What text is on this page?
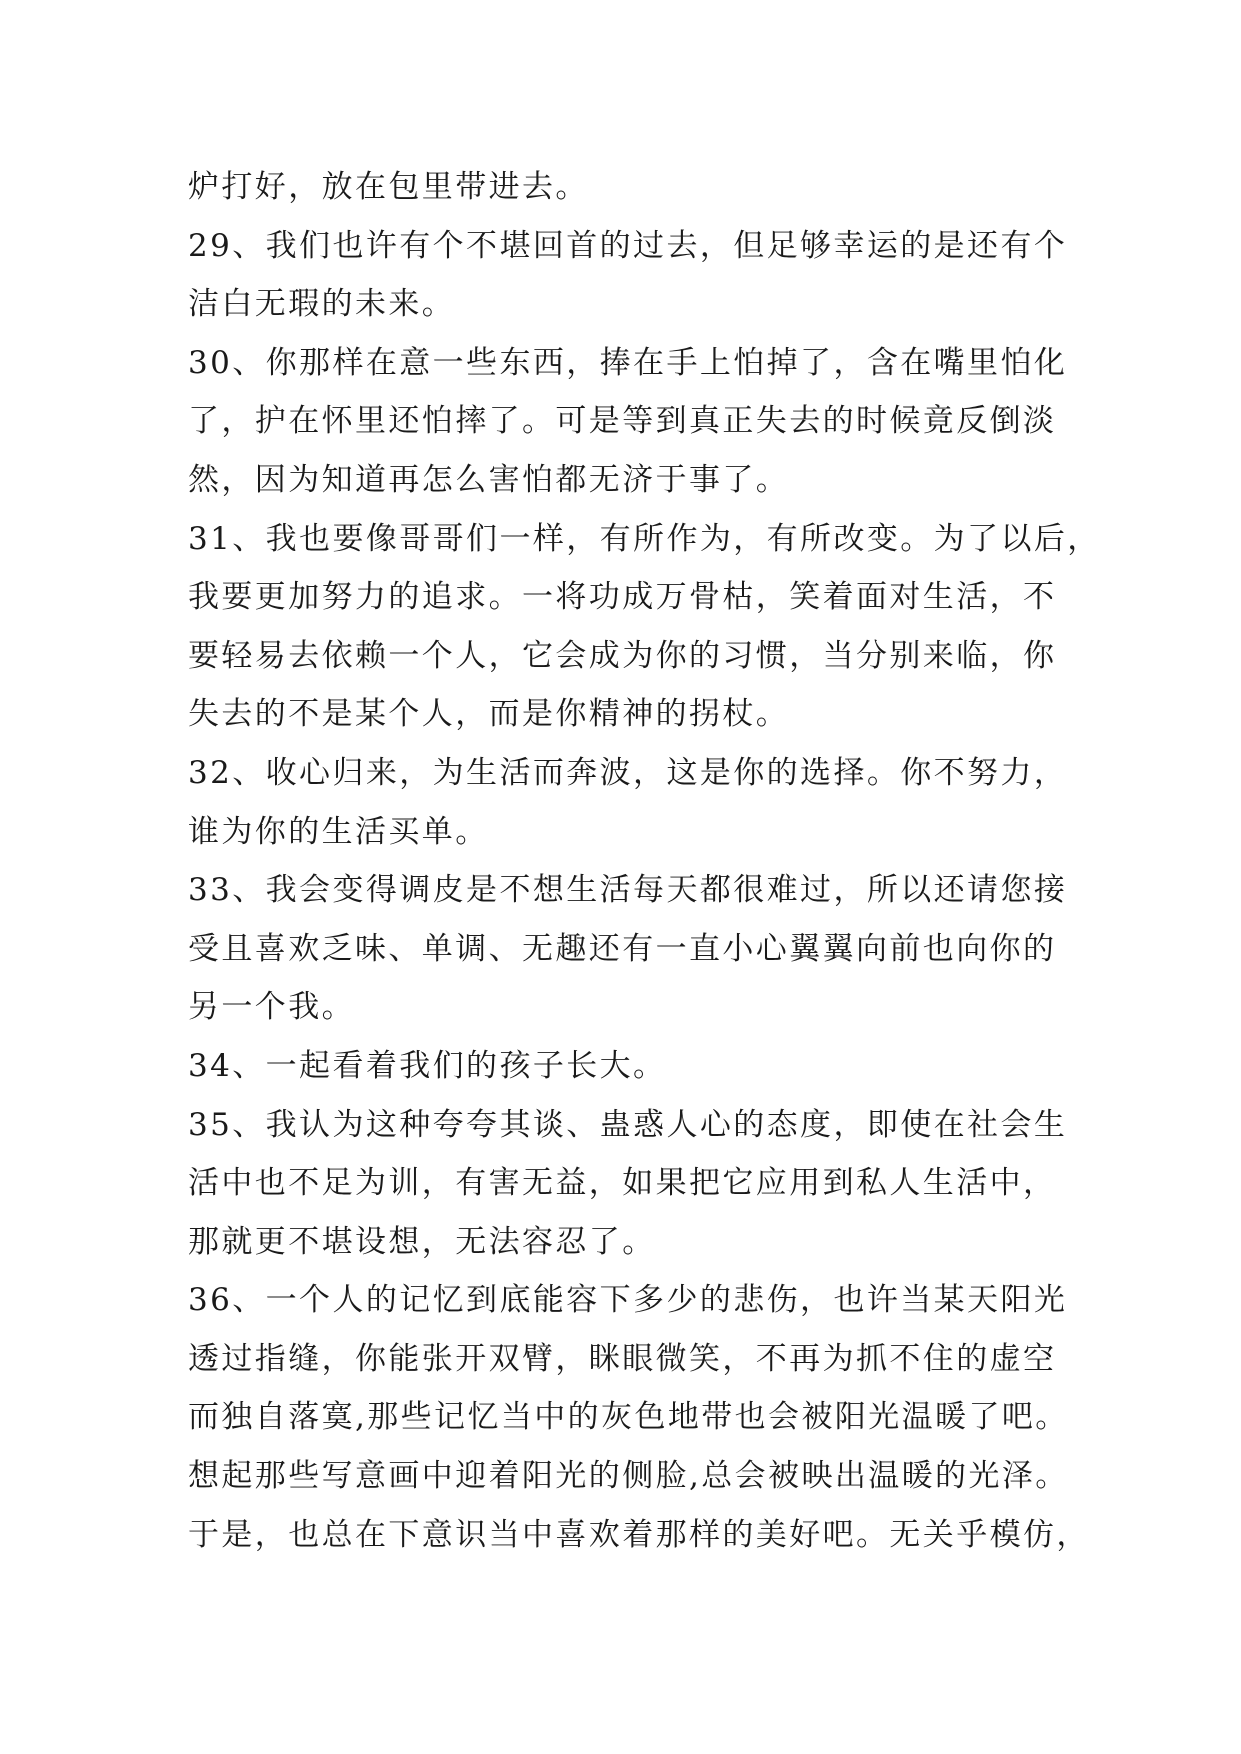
炉打好，放在包里带进去。
29、我们也许有个不堪回首的过去，但足够幸运的是还有个
洁白无瑕的未来。
30、你那样在意一些东西，捧在手上怕掉了，含在嘴里怕化
了，护在怀里还怕摔了。可是等到真正失去的时候竟反倒淡
然，因为知道再怎么害怕都无济于事了。
31、我也要像哥哥们一样，有所作为，有所改变。为了以后，
我要更加努力的追求。一将功成万骨枯，笑着面对生活，不
要轻易去依赖一个人，它会成为你的习惯，当分别来临，你
失去的不是某个人，而是你精神的拐杖。
32、收心归来，为生活而奔波，这是你的选择。你不努力，
谁为你的生活买单。
33、我会变得调皮是不想生活每天都很难过，所以还请您接
受且喜欢乏味、单调、无趣还有一直小心翼翼向前也向你的
另一个我。
34、一起看着我们的孩子长大。
35、我认为这种夸夸其谈、蛊惑人心的态度，即使在社会生
活中也不足为训，有害无益，如果把它应用到私人生活中，
那就更不堪设想，无法容忍了。
36、一个人的记忆到底能容下多少的悲伤，也许当某天阳光
透过指缝，你能张开双臂，眯眼微笑，不再为抓不住的虚空
而独自落寞,那些记忆当中的灰色地带也会被阳光温暖了吧。
想起那些写意画中迎着阳光的侧脸,总会被映出温暖的光泽。
于是，也总在下意识当中喜欢着那样的美好吧。无关乎模仿，
